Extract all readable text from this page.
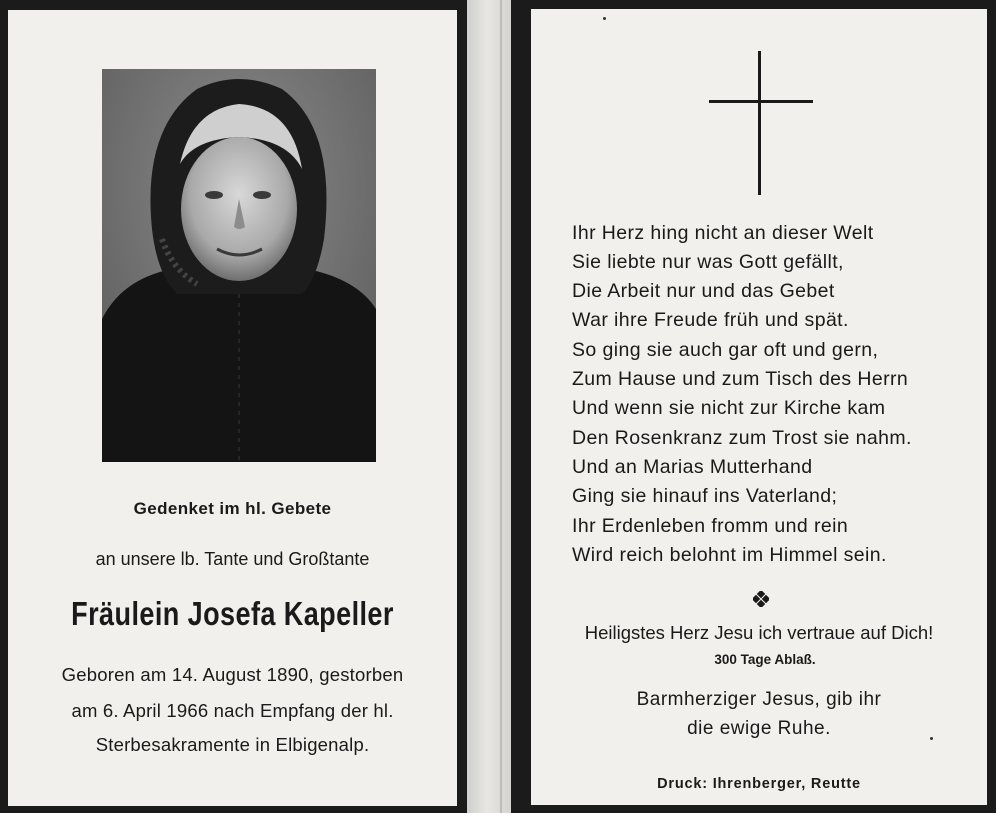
Gedenket im hl. Gebete
an unsere lb. Tante und Großtante
Fräulein Josefa Kapeller
Geboren am 14. August 1890, gestorben
am 6. April 1966 nach Empfang der hl.
Sterbesakramente in Elbigenalp.
Ihr Herz hing nicht an dieser Welt
Sie liebte nur was Gott gefällt,
Die Arbeit nur und das Gebet
War ihre Freude früh und spät.
So ging sie auch gar oft und gern,
Zum Hause und zum Tisch des Herrn
Und wenn sie nicht zur Kirche kam
Den Rosenkranz zum Trost sie nahm.
Und an Marias Mutterhand
Ging sie hinauf ins Vaterland;
Ihr Erdenleben fromm und rein
Wird reich belohnt im Himmel sein.
Heiligstes Herz Jesu ich vertraue auf Dich!
300 Tage Ablaß.
Barmherziger Jesus, gib ihr
die ewige Ruhe.
Druck: Ihrenberger, Reutte
